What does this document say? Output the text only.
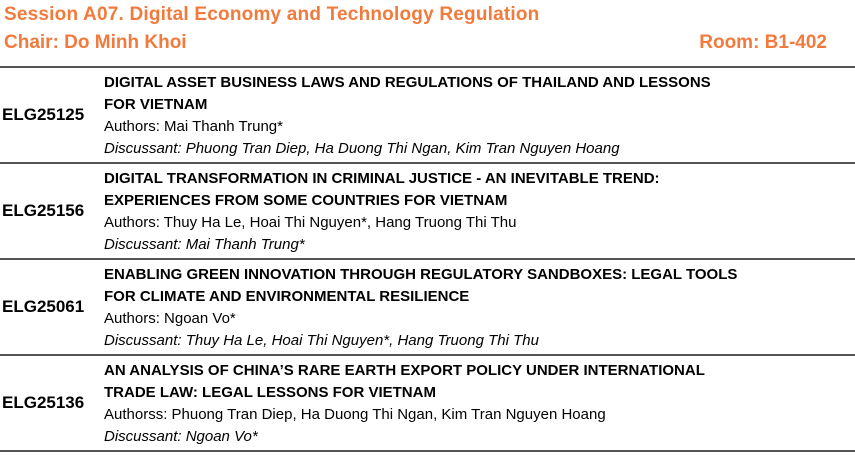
Session A07. Digital Economy and Technology Regulation
Chair: Do Minh Khoi	Room: B1-402
ELG25125
DIGITAL ASSET BUSINESS LAWS AND REGULATIONS OF THAILAND AND LESSONS
FOR VIETNAM
Authors: Mai Thanh Trung*
Discussant: Phuong Tran Diep, Ha Duong Thi Ngan, Kim Tran Nguyen Hoang
ELG25156
DIGITAL TRANSFORMATION IN CRIMINAL JUSTICE - AN INEVITABLE TREND:
EXPERIENCES FROM SOME COUNTRIES FOR VIETNAM
Authors: Thuy Ha Le, Hoai Thi Nguyen*, Hang Truong Thi Thu
Discussant: Mai Thanh Trung*
ELG25061
ENABLING GREEN INNOVATION THROUGH REGULATORY SANDBOXES: LEGAL TOOLS
FOR CLIMATE AND ENVIRONMENTAL RESILIENCE
Authors: Ngoan Vo*
Discussant: Thuy Ha Le, Hoai Thi Nguyen*, Hang Truong Thi Thu
ELG25136
AN ANALYSIS OF CHINA’S RARE EARTH EXPORT POLICY UNDER INTERNATIONAL
TRADE LAW: LEGAL LESSONS FOR VIETNAM
Authorss: Phuong Tran Diep, Ha Duong Thi Ngan, Kim Tran Nguyen Hoang
Discussant: Ngoan Vo*
